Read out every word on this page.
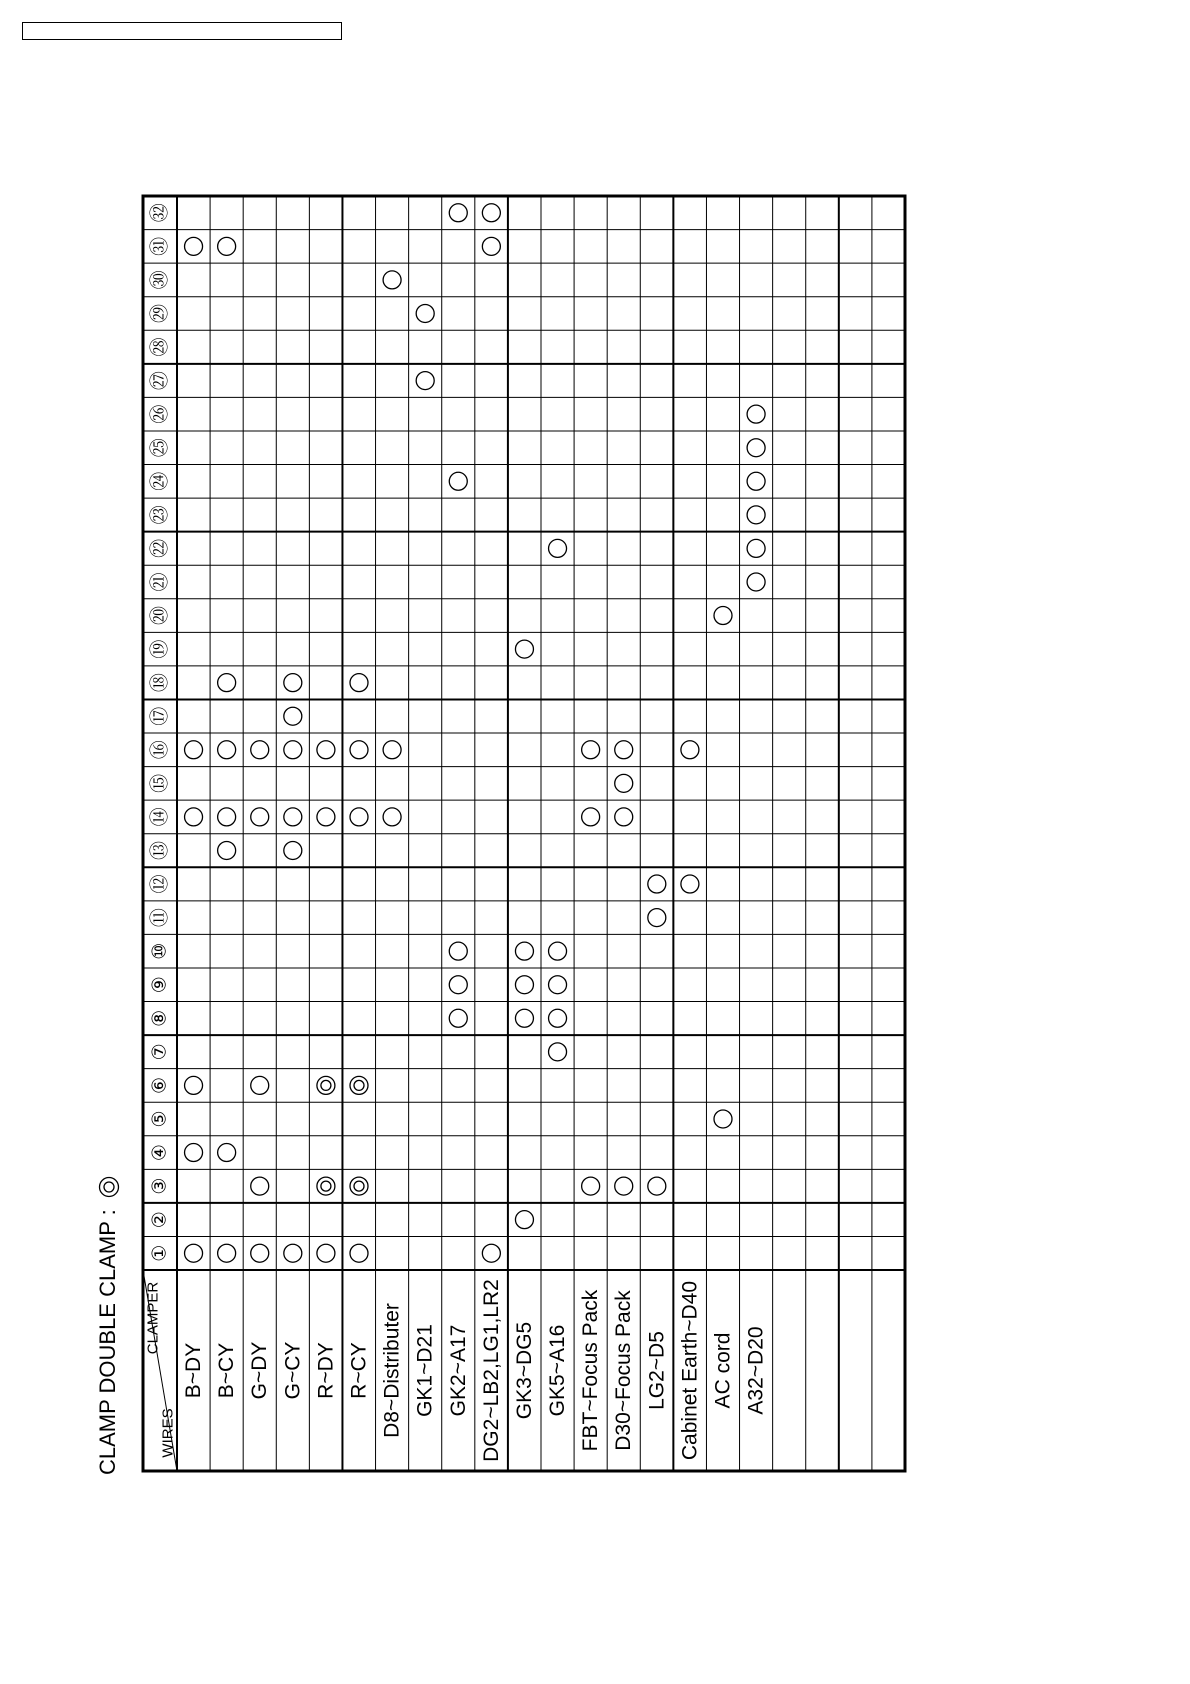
CLAMP DOUBLE CLAMP : CLAMPER
WIRES
①
②
③
④
⑤
⑥
⑦
⑧
⑨
⑩
⑪
⑫
⑬
⑭
⑮
⑯
⑰
⑱
⑲
⑳
㉑
㉒
㉓
㉔
㉕
㉖
㉗
㉘
㉙
㉚
㉛
㉜
B~DY B~CY G~DY G~CY R~DY R~CY D8~Distributer GK1~D21 GK2~A17 DG2~LB2,LG1,LR2 GK3~DG5 GK5~A16 FBT~Focus Pack D30~Focus Pack LG2~D5 Cabinet Earth~D40 AC cord A32~D20
